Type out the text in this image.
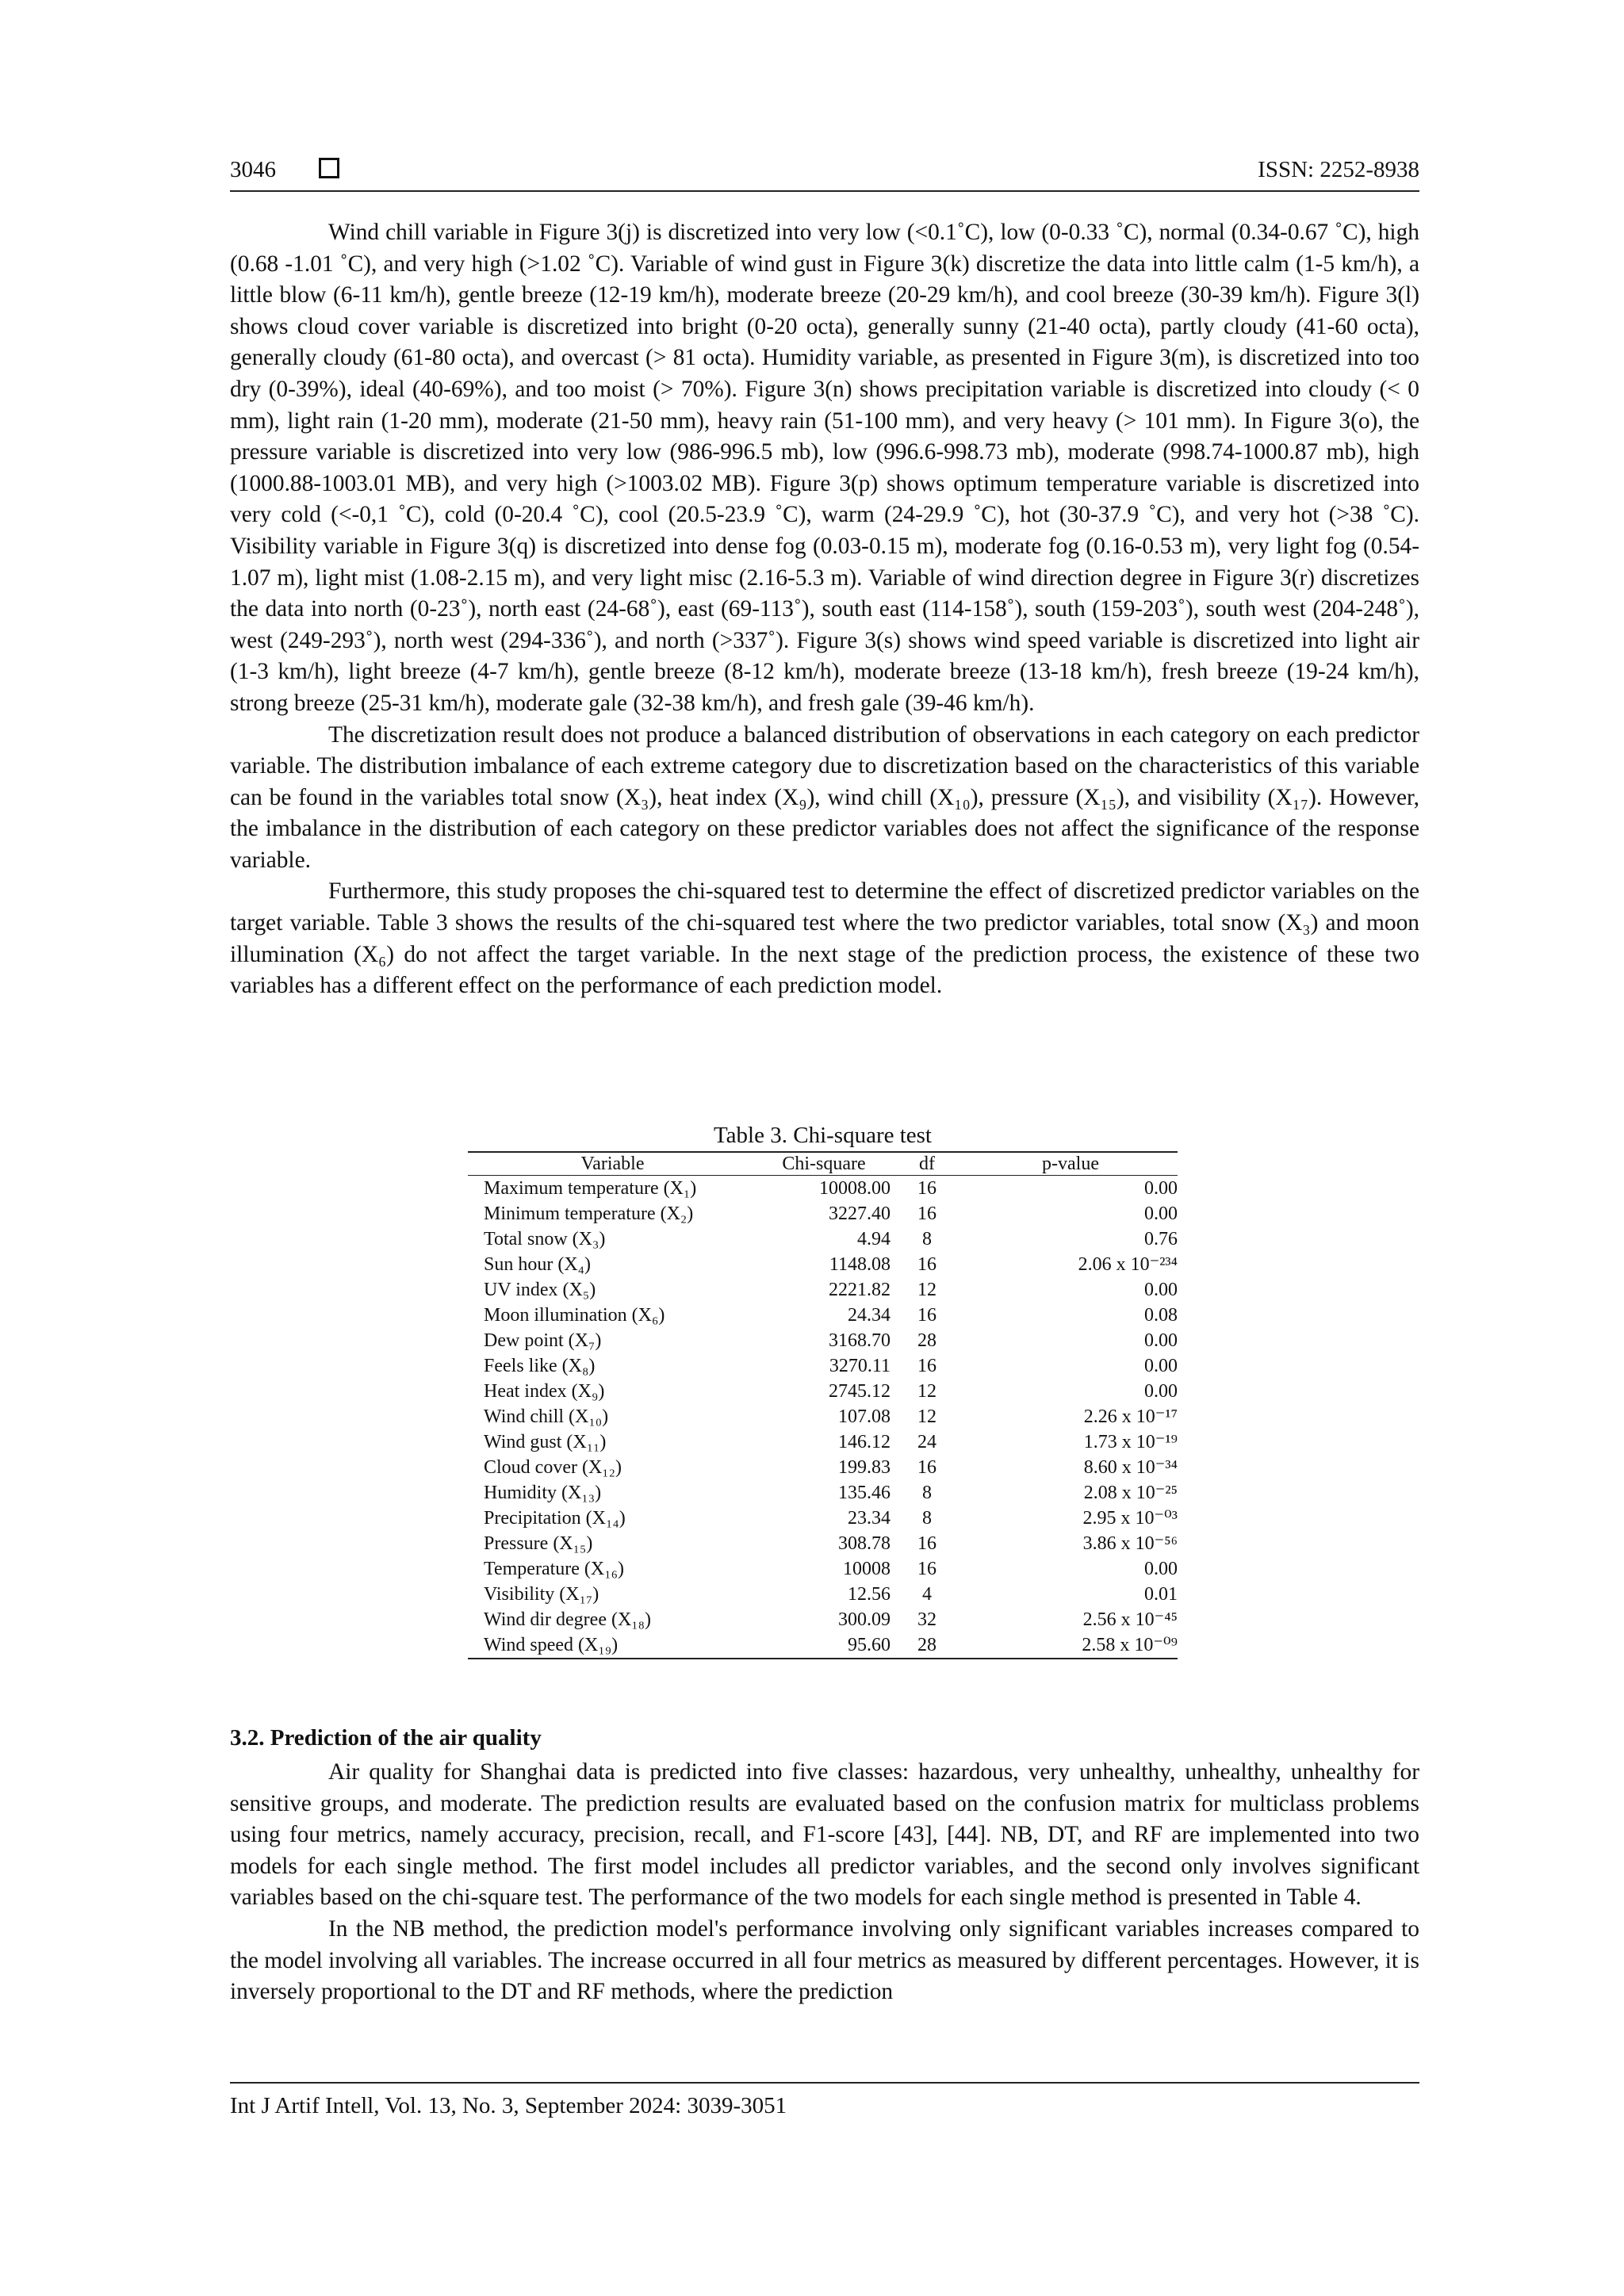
3046	ISSN: 2252-8938

Wind chill variable in Figure 3(j) is discretized into very low (<0.1˚C), low (0-0.33 ˚C), normal (0.34-0.67 ˚C), high (0.68 -1.01 ˚C), and very high (>1.02 ˚C). Variable of wind gust in Figure 3(k) discretize the data into little calm (1-5 km/h), a little blow (6-11 km/h), gentle breeze (12-19 km/h), moderate breeze (20-29 km/h), and cool breeze (30-39 km/h). Figure 3(l) shows cloud cover variable is discretized into bright (0-20 octa), generally sunny (21-40 octa), partly cloudy (41-60 octa), generally cloudy (61-80 octa), and overcast (> 81 octa). Humidity variable, as presented in Figure 3(m), is discretized into too dry (0-39%), ideal (40-69%), and too moist (> 70%). Figure 3(n) shows precipitation variable is discretized into cloudy (< 0 mm), light rain (1-20 mm), moderate (21-50 mm), heavy rain (51-100 mm), and very heavy (> 101 mm). In Figure 3(o), the pressure variable is discretized into very low (986-996.5 mb), low (996.6-998.73 mb), moderate (998.74-1000.87 mb), high (1000.88-1003.01 MB), and very high (>1003.02 MB). Figure 3(p) shows optimum temperature variable is discretized into very cold (<-0,1 ˚C), cold (0-20.4 ˚C), cool (20.5-23.9 ˚C), warm (24-29.9 ˚C), hot (30-37.9 ˚C), and very hot (>38 ˚C). Visibility variable in Figure 3(q) is discretized into dense fog (0.03-0.15 m), moderate fog (0.16-0.53 m), very light fog (0.54-1.07 m), light mist (1.08-2.15 m), and very light misc (2.16-5.3 m). Variable of wind direction degree in Figure 3(r) discretizes the data into north (0-23˚), north east (24-68˚), east (69-113˚), south east (114-158˚), south (159-203˚), south west (204-248˚), west (249-293˚), north west (294-336˚), and north (>337˚). Figure 3(s) shows wind speed variable is discretized into light air (1-3 km/h), light breeze (4-7 km/h), gentle breeze (8-12 km/h), moderate breeze (13-18 km/h), fresh breeze (19-24 km/h), strong breeze (25-31 km/h), moderate gale (32-38 km/h), and fresh gale (39-46 km/h).

The discretization result does not produce a balanced distribution of observations in each category on each predictor variable. The distribution imbalance of each extreme category due to discretization based on the characteristics of this variable can be found in the variables total snow (X₃), heat index (X₉), wind chill (X₁₀), pressure (X₁₅), and visibility (X₁₇). However, the imbalance in the distribution of each category on these predictor variables does not affect the significance of the response variable.

Furthermore, this study proposes the chi-squared test to determine the effect of discretized predictor variables on the target variable. Table 3 shows the results of the chi-squared test where the two predictor variables, total snow (X₃) and moon illumination (X₆) do not affect the target variable. In the next stage of the prediction process, the existence of these two variables has a different effect on the performance of each prediction model.

Table 3. Chi-square test
Variable	Chi-square	df	p-value
Maximum temperature (X₁)	10008.00	16	0.00
Minimum temperature (X₂)	3227.40	16	0.00
Total snow (X₃)	4.94	8	0.76
Sun hour (X₄)	1148.08	16	2.06 x 10⁻²³⁴
UV index (X₅)	2221.82	12	0.00
Moon illumination (X₆)	24.34	16	0.08
Dew point (X₇)	3168.70	28	0.00
Feels like (X₈)	3270.11	16	0.00
Heat index (X₉)	2745.12	12	0.00
Wind chill (X₁₀)	107.08	12	2.26 x 10⁻¹⁷
Wind gust (X₁₁)	146.12	24	1.73 x 10⁻¹⁹
Cloud cover (X₁₂)	199.83	16	8.60 x 10⁻³⁴
Humidity (X₁₃)	135.46	8	2.08 x 10⁻²⁵
Precipitation (X₁₄)	23.34	8	2.95 x 10⁻⁰³
Pressure (X₁₅)	308.78	16	3.86 x 10⁻⁵⁶
Temperature (X₁₆)	10008	16	0.00
Visibility (X₁₇)	12.56	4	0.01
Wind dir degree (X₁₈)	300.09	32	2.56 x 10⁻⁴⁵
Wind speed (X₁₉)	95.60	28	2.58 x 10⁻⁰⁹
3.2. Prediction of the air quality

Air quality for Shanghai data is predicted into five classes: hazardous, very unhealthy, unhealthy, unhealthy for sensitive groups, and moderate. The prediction results are evaluated based on the confusion matrix for multiclass problems using four metrics, namely accuracy, precision, recall, and F1-score [43], [44]. NB, DT, and RF are implemented into two models for each single method. The first model includes all predictor variables, and the second only involves significant variables based on the chi-square test. The performance of the two models for each single method is presented in Table 4.

In the NB method, the prediction model's performance involving only significant variables increases compared to the model involving all variables. The increase occurred in all four metrics as measured by different percentages. However, it is inversely proportional to the DT and RF methods, where the prediction

Int J Artif Intell, Vol. 13, No. 3, September 2024: 3039-3051
